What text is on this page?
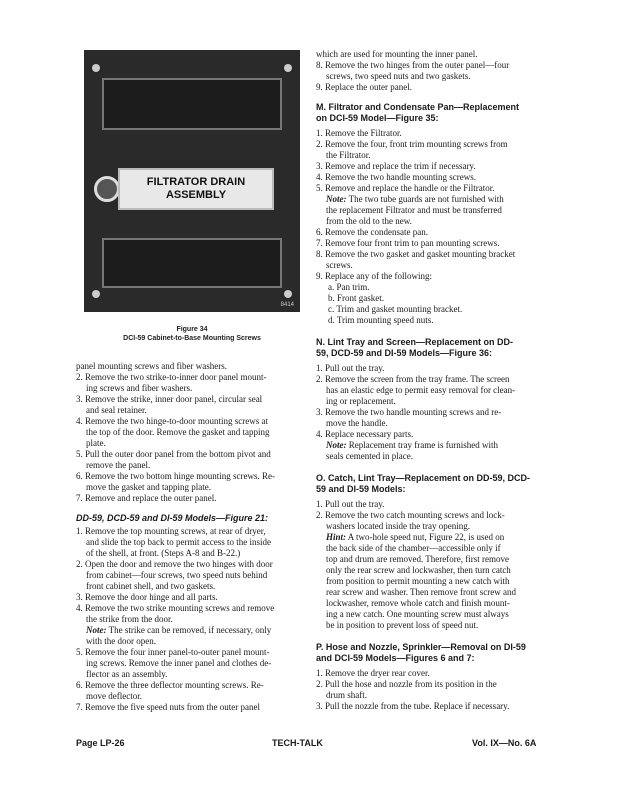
FILTRATOR DRAIN
ASSEMBLY
8414
Figure 34
DCI-59 Cabinet-to-Base Mounting Screws
panel mounting screws and fiber washers.
2. Remove the two strike-to-inner door panel mount-
ing screws and fiber washers.
3. Remove the strike, inner door panel, circular seal
and seal retainer.
4. Remove the two hinge-to-door mounting screws at
the top of the door. Remove the gasket and tapping
plate.
5. Pull the outer door panel from the bottom pivot and
remove the panel.
6. Remove the two bottom hinge mounting screws. Re-
move the gasket and tapping plate.
7. Remove and replace the outer panel.
DD-59, DCD-59 and DI-59 Models—Figure 21:
1. Remove the top mounting screws, at rear of dryer,
and slide the top back to permit access to the inside
of the shell, at front. (Steps A-8 and B-22.)
2. Open the door and remove the two hinges with door
from cabinet—four screws, two speed nuts behind
front cabinet shell, and two gaskets.
3. Remove the door hinge and all parts.
4. Remove the two strike mounting screws and remove
the strike from the door.
Note: The strike can be removed, if necessary, only
with the door open.
5. Remove the four inner panel-to-outer panel mount-
ing screws. Remove the inner panel and clothes de-
flector as an assembly.
6. Remove the three deflector mounting screws. Re-
move deflector.
7. Remove the five speed nuts from the outer panel
which are used for mounting the inner panel.
8. Remove the two hinges from the outer panel—four
screws, two speed nuts and two gaskets.
9. Replace the outer panel.
M. Filtrator and Condensate Pan—Replacement
on DCI-59 Model—Figure 35:
1. Remove the Filtrator.
2. Remove the four, front trim mounting screws from
the Filtrator.
3. Remove and replace the trim if necessary.
4. Remove the two handle mounting screws.
5. Remove and replace the handle or the Filtrator.
Note: The two tube guards are not furnished with
the replacement Filtrator and must be transferred
from the old to the new.
6. Remove the condensate pan.
7. Remove four front trim to pan mounting screws.
8. Remove the two gasket and gasket mounting bracket
screws.
9. Replace any of the following:
a. Pan trim.
b. Front gasket.
c. Trim and gasket mounting bracket.
d. Trim mounting speed nuts.
N. Lint Tray and Screen—Replacement on DD-
59, DCD-59 and DI-59 Models—Figure 36:
1. Pull out the tray.
2. Remove the screen from the tray frame. The screen
has an elastic edge to permit easy removal for clean-
ing or replacement.
3. Remove the two handle mounting screws and re-
move the handle.
4. Replace necessary parts.
Note: Replacement tray frame is furnished with
seals cemented in place.
O. Catch, Lint Tray—Replacement on DD-59, DCD-
59 and DI-59 Models:
1. Pull out the tray.
2. Remove the two catch mounting screws and lock-
washers located inside the tray opening.
Hint: A two-hole speed nut, Figure 22, is used on
the back side of the chamber—accessible only if
top and drum are removed. Therefore, first remove
only the rear screw and lockwasher, then turn catch
from position to permit mounting a new catch with
rear screw and washer. Then remove front screw and
lockwasher, remove whole catch and finish mount-
ing a new catch. One mounting screw must always
be in position to prevent loss of speed nut.
P. Hose and Nozzle, Sprinkler—Removal on DI-59
and DCI-59 Models—Figures 6 and 7:
1. Remove the dryer rear cover.
2. Pull the hose and nozzle from its position in the
drum shaft.
3. Pull the nozzle from the tube. Replace if necessary.
Page LP-26	TECH-TALK	Vol. IX—No. 6A
